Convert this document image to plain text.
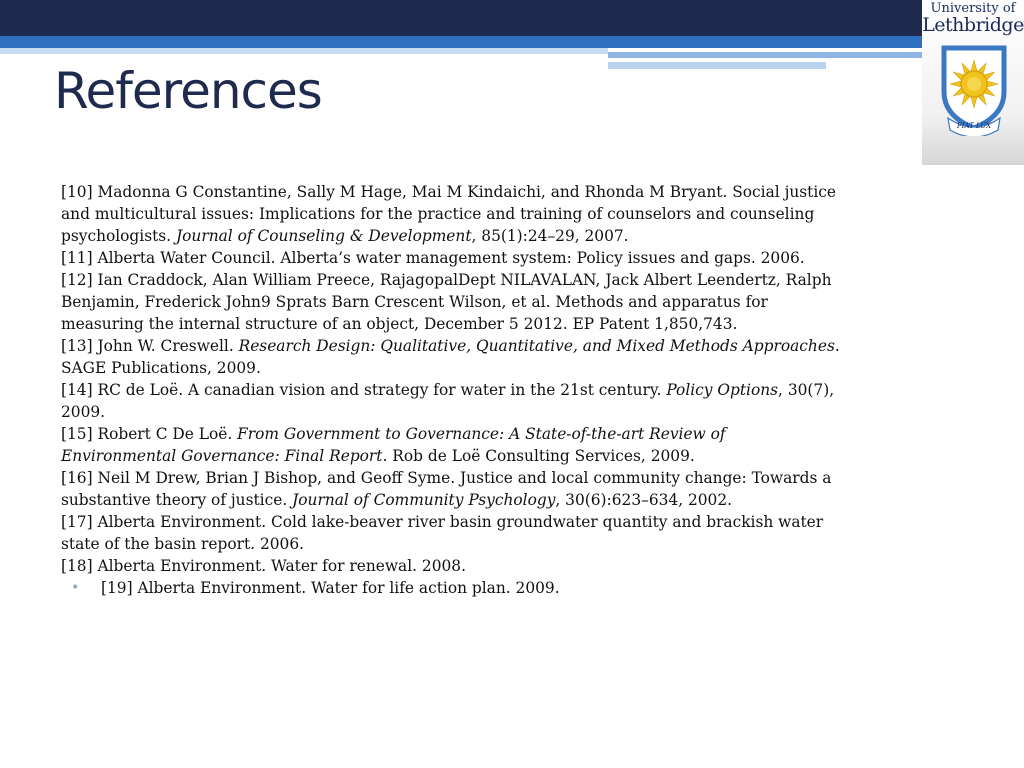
University of
Lethbridge
FIAT LUX
References

[10] Madonna G Constantine, Sally M Hage, Mai M Kindaichi, and Rhonda M Bryant. Social justice and multicultural issues: Implications for the practice and training of counselors and counseling psychologists. Journal of Counseling & Development, 85(1):24–29, 2007.

[11] Alberta Water Council. Alberta’s water management system: Policy issues and gaps. 2006.

[12] Ian Craddock, Alan William Preece, RajagopalDept NILAVALAN, Jack Albert Leendertz, Ralph Benjamin, Frederick John9 Sprats Barn Crescent Wilson, et al. Methods and apparatus for measuring the internal structure of an object, December 5 2012. EP Patent 1,850,743.

[13] John W. Creswell. Research Design: Qualitative, Quantitative, and Mixed Methods Approaches. SAGE Publications, 2009.

[14] RC de Loë. A canadian vision and strategy for water in the 21st century. Policy Options, 30(7), 2009.

[15] Robert C De Loë. From Government to Governance: A State-of-the-art Review of Environmental Governance: Final Report. Rob de Loë Consulting Services, 2009.

[16] Neil M Drew, Brian J Bishop, and Geoff Syme. Justice and local community change: Towards a substantive theory of justice. Journal of Community Psychology, 30(6):623–634, 2002.

[17] Alberta Environment. Cold lake-beaver river basin groundwater quantity and brackish water state of the basin report. 2006.

[18] Alberta Environment. Water for renewal. 2008.

• [19] Alberta Environment. Water for life action plan. 2009.
